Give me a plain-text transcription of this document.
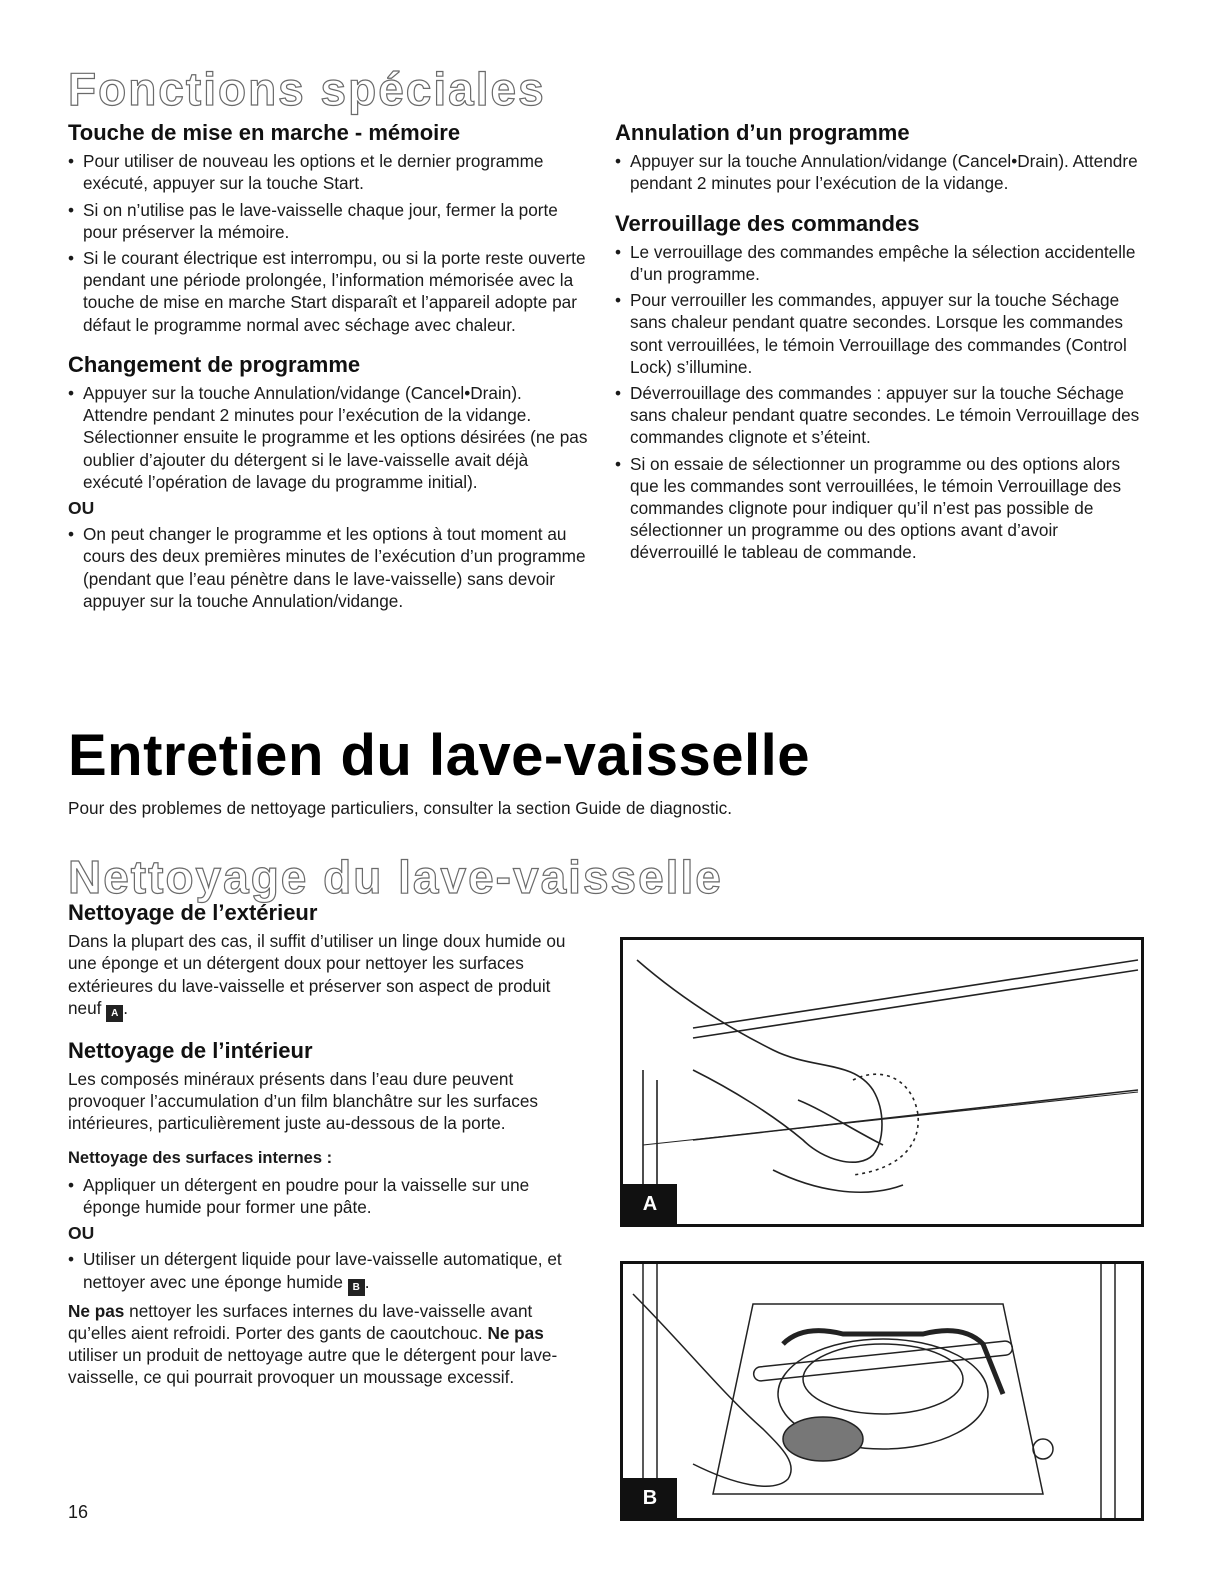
Fonctions spéciales
Touche de mise en marche - mémoire
• Pour utiliser de nouveau les options et le dernier programme exécuté, appuyer sur la touche Start.
• Si on n’utilise pas le lave-vaisselle chaque jour, fermer la porte pour préserver la mémoire.
• Si le courant électrique est interrompu, ou si la porte reste ouverte pendant une période prolongée, l’information mémorisée avec la touche de mise en marche Start disparaît et l’appareil adopte par défaut le programme normal avec séchage avec chaleur.
Changement de programme
• Appuyer sur la touche Annulation/vidange (Cancel•Drain). Attendre pendant 2 minutes pour l’exécution de la vidange. Sélectionner ensuite le programme et les options désirées (ne pas oublier d’ajouter du détergent si le lave-vaisselle avait déjà exécuté l’opération de lavage du programme initial).
OU
• On peut changer le programme et les options à tout moment au cours des deux premières minutes de l’exécution d’un programme (pendant que l’eau pénètre dans le lave-vaisselle) sans devoir appuyer sur la touche Annulation/vidange.
Annulation d’un programme
• Appuyer sur la touche Annulation/vidange (Cancel•Drain). Attendre pendant 2 minutes pour l’exécution de la vidange.
Verrouillage des commandes
• Le verrouillage des commandes empêche la sélection accidentelle d’un programme.
• Pour verrouiller les commandes, appuyer sur la touche Séchage sans chaleur pendant quatre secondes. Lorsque les commandes sont verrouillées, le témoin Verrouillage des commandes (Control Lock) s’illumine.
• Déverrouillage des commandes : appuyer sur la touche Séchage sans chaleur pendant quatre secondes. Le témoin Verrouillage des commandes clignote et s’éteint.
• Si on essaie de sélectionner un programme ou des options alors que les commandes sont verrouillées, le témoin Verrouillage des commandes clignote pour indiquer qu’il n’est pas possible de sélectionner un programme ou des options avant d’avoir déverrouillé le tableau de commande.
Entretien du lave-vaisselle
Pour des problemes de nettoyage particuliers, consulter la section Guide de diagnostic.
Nettoyage du lave-vaisselle
Nettoyage de l’extérieur

Dans la plupart des cas, il suffit d’utiliser un linge doux humide ou une éponge et un détergent doux pour nettoyer les surfaces extérieures du lave-vaisselle et préserver son aspect de produit neuf A .

Nettoyage de l’intérieur

Les composés minéraux présents dans l’eau dure peuvent provoquer l’accumulation d’un film blanchâtre sur les surfaces intérieures, particulièrement juste au-dessous de la porte.

Nettoyage des surfaces internes :
• Appliquer un détergent en poudre pour la vaisselle sur une éponge humide pour former une pâte.
OU
• Utiliser un détergent liquide pour lave-vaisselle automatique, et nettoyer avec une éponge humide B .

Ne pas nettoyer les surfaces internes du lave-vaisselle avant qu’elles aient refroidi. Porter des gants de caoutchouc. Ne pas utiliser un produit de nettoyage autre que le détergent pour lave-vaisselle, ce qui pourrait provoquer un moussage excessif.

A
B
16
